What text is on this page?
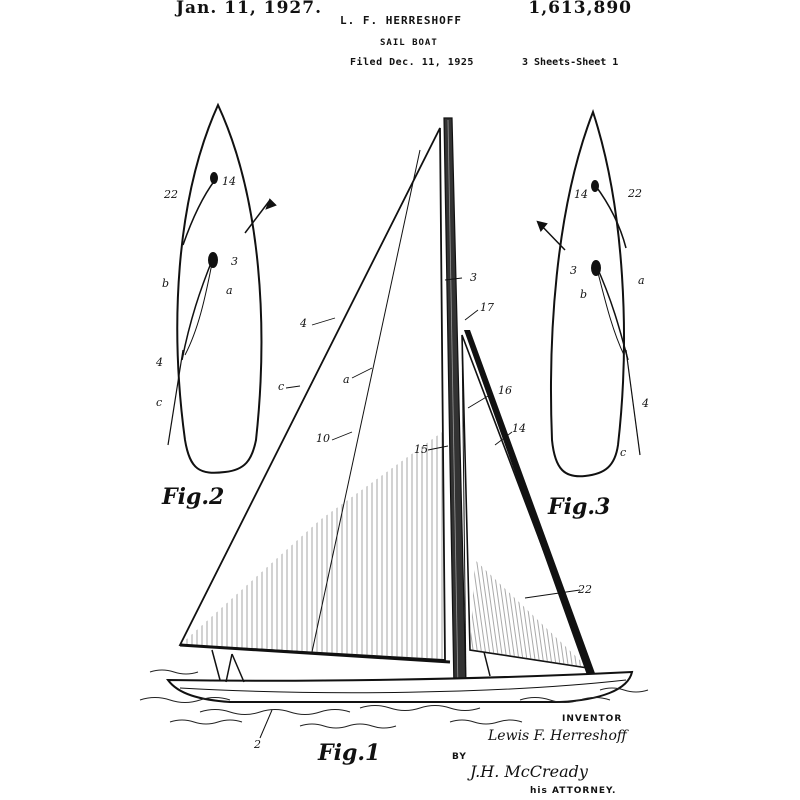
Jan. 11, 1927.
L. F. HERRESHOFF
SAIL BOAT
Filed Dec. 11, 1925	3 Sheets-Sheet 1
1,613,890
Fig.2	Fig.3
Fig.1
22
14
3
b
a
4
c
14	22
3
a
b
4
c
4
a
c
10
3
17
16
15
14
22
2
INVENTOR
Lewis F. Herreshoff
BY
J.H. McCready
his ATTORNEY.
